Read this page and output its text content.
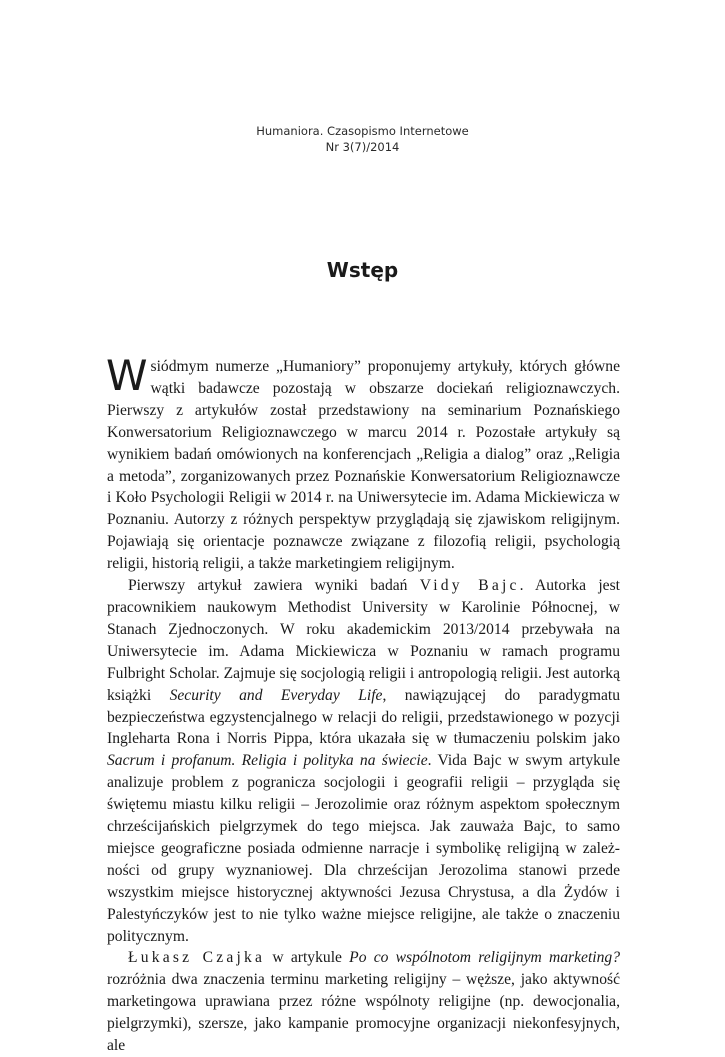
Humaniora. Czasopismo Internetowe
Nr 3(7)/2014
Wstęp

Wsiódmym numerze „Humaniory” proponujemy artykuły, których główne wątki badawcze pozostają w obszarze dociekań religioznawczych. Pierwszy z artykułów został przedstawiony na seminarium Poznańskiego Konwersatorium Religioznawczego w marcu 2014 r. Pozostałe artykuły są wynikiem badań omówionych na konferencjach „Religia a dialog” oraz „Religia a metoda”, zorganizowanych przez Poznańskie Konwersatorium Religioznawcze i Koło Psychologii Religii w 2014 r. na Uniwersytecie im. Adama Mickiewicza w Poznaniu. Autorzy z różnych perspektyw przyglądają się zjawiskom religijnym. Pojawiają się orientacje poznawcze związane z filozofią religii, psychologią religii, historią religii, a także marketingiem religijnym.

Pierwszy artykuł zawiera wyniki badań Vidy Bajc. Autorka jest pracownikiem naukowym Methodist University w Karolinie Północnej, w Stanach Zjednoczonych. W roku akademickim 2013/2014 przebywała na Uniwersytecie im. Adama Mickiewicza w Poznaniu w ramach programu Fulbright Scholar. Zajmuje się socjologią religii i antropologią religii. Jest autorką książki Security and Everyday Life, nawiązującej do paradygmatu bezpieczeństwa egzystencjalnego w relacji do religii, przedstawionego w pozycji Ingleharta Rona i Norris Pippa, która ukazała się w tłumaczeniu polskim jako Sacrum i profanum. Religia i polityka na świecie. Vida Bajc w swym artykule analizuje problem z pogranicza socjologii i geografii religii – przygląda się świętemu miastu kilku religii – Jerozolimie oraz różnym aspektom społecznym chrześcijańskich pielgrzymek do tego miejsca. Jak zauważa Bajc, to samo miejsce geograficzne posiada odmienne narracje i symbolikę religijną w zależności od grupy wyznaniowej. Dla chrześcijan Jerozolima stanowi przede wszystkim miejsce historycznej aktywności Jezusa Chrystusa, a dla Żydów i Palestyńczyków jest to nie tylko ważne miejsce religijne, ale także o znaczeniu politycznym.

Łukasz Czajka w artykule Po co wspólnotom religijnym marketing? rozróżnia dwa znaczenia terminu marketing religijny – węższe, jako aktywność marketingowa uprawiana przez różne wspólnoty religijne (np. dewocjonalia, pielgrzymki), szersze, jako kampanie promocyjne organizacji niekonfesyjnych, ale
